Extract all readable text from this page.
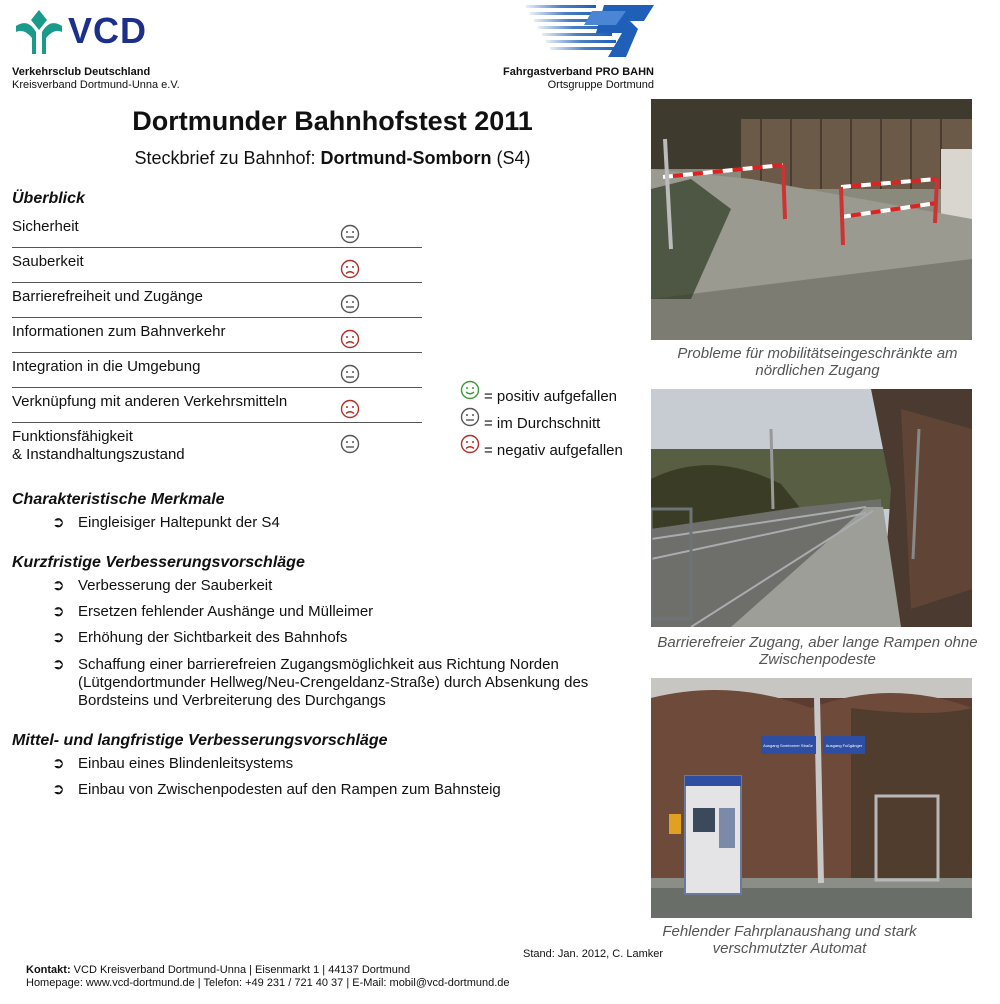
VCD
Verkehrsclub Deutschland
Kreisverband Dortmund-Unna e.V.
Fahrgastverband PRO BAHN
Ortsgruppe Dortmund
Dortmunder Bahnhofstest 2011
Steckbrief zu Bahnhof: Dortmund-Somborn (S4)
Überblick
Sicherheit
Sauberkeit
Barrierefreiheit und Zugänge
Informationen zum Bahnverkehr
Integration in die Umgebung
Verknüpfung mit anderen Verkehrsmitteln
Funktionsfähigkeit
& Instandhaltungszustand
= positiv aufgefallen
= im Durchschnitt
= negativ aufgefallen
Charakteristische Merkmale
➲ Eingleisiger Haltepunkt der S4
Kurzfristige Verbesserungsvorschläge
➲ Verbesserung der Sauberkeit
➲ Ersetzen fehlender Aushänge und Mülleimer
➲ Erhöhung der Sichtbarkeit des Bahnhofs
➲ Schaffung einer barrierefreien Zugangsmöglichkeit aus Richtung Norden (Lütgendortmunder Hellweg/Neu-Crengeldanz-Straße) durch Absenkung des Bordsteins und Verbreiterung des Durchgangs
Mittel- und langfristige Verbesserungsvorschläge
➲ Einbau eines Blindenleitsystems
➲ Einbau von Zwischenpodesten auf den Rampen zum Bahnsteig
Probleme für mobilitätseingeschränkte am
nördlichen Zugang
Barrierefreier Zugang, aber lange Rampen ohne
Zwischenpodeste
Ausgang Somborner Straße	Ausgang Fußgänger
Fehlender Fahrplanaushang und stark
verschmutzter Automat
Stand: Jan. 2012, C. Lamker
Kontakt: VCD Kreisverband Dortmund-Unna | Eisenmarkt 1 | 44137 Dortmund
Homepage: www.vcd-dortmund.de | Telefon: +49 231 / 721 40 37 | E-Mail: mobil@vcd-dortmund.de
